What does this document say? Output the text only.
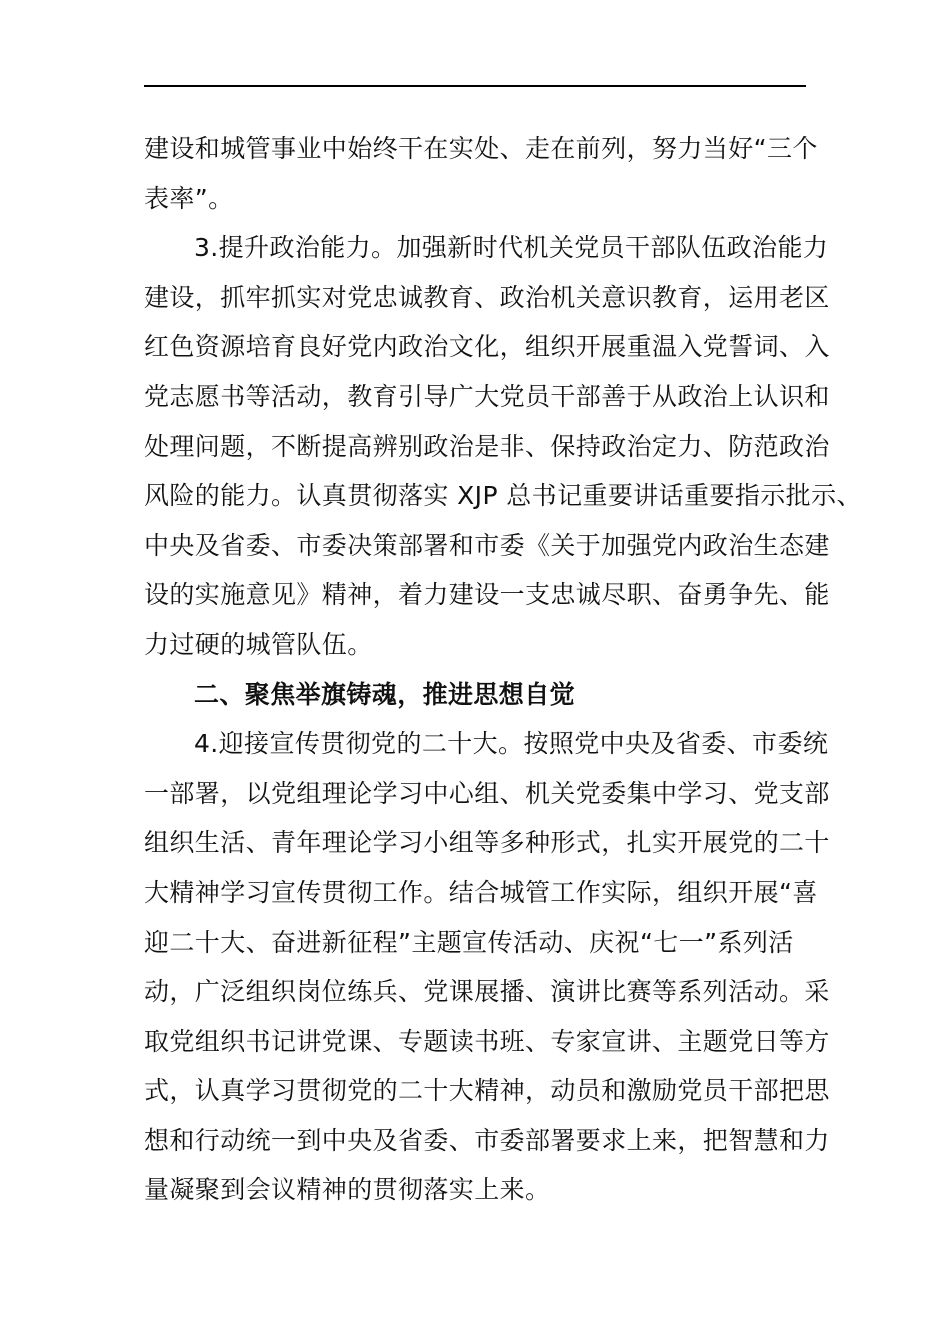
建设和城管事业中始终干在实处、走在前列，努力当好“三个
表率”。
3.提升政治能力。加强新时代机关党员干部队伍政治能力
建设，抓牢抓实对党忠诚教育、政治机关意识教育，运用老区
红色资源培育良好党内政治文化，组织开展重温入党誓词、入
党志愿书等活动，教育引导广大党员干部善于从政治上认识和
处理问题，不断提高辨别政治是非、保持政治定力、防范政治
风险的能力。认真贯彻落实 XJP 总书记重要讲话重要指示批示、
中央及省委、市委决策部署和市委《关于加强党内政治生态建
设的实施意见》精神，着力建设一支忠诚尽职、奋勇争先、能
力过硬的城管队伍。
二、聚焦举旗铸魂，推进思想自觉
4.迎接宣传贯彻党的二十大。按照党中央及省委、市委统
一部署，以党组理论学习中心组、机关党委集中学习、党支部
组织生活、青年理论学习小组等多种形式，扎实开展党的二十
大精神学习宣传贯彻工作。结合城管工作实际，组织开展“喜
迎二十大、奋进新征程”主题宣传活动、庆祝“七一”系列活
动，广泛组织岗位练兵、党课展播、演讲比赛等系列活动。采
取党组织书记讲党课、专题读书班、专家宣讲、主题党日等方
式，认真学习贯彻党的二十大精神，动员和激励党员干部把思
想和行动统一到中央及省委、市委部署要求上来，把智慧和力
量凝聚到会议精神的贯彻落实上来。
